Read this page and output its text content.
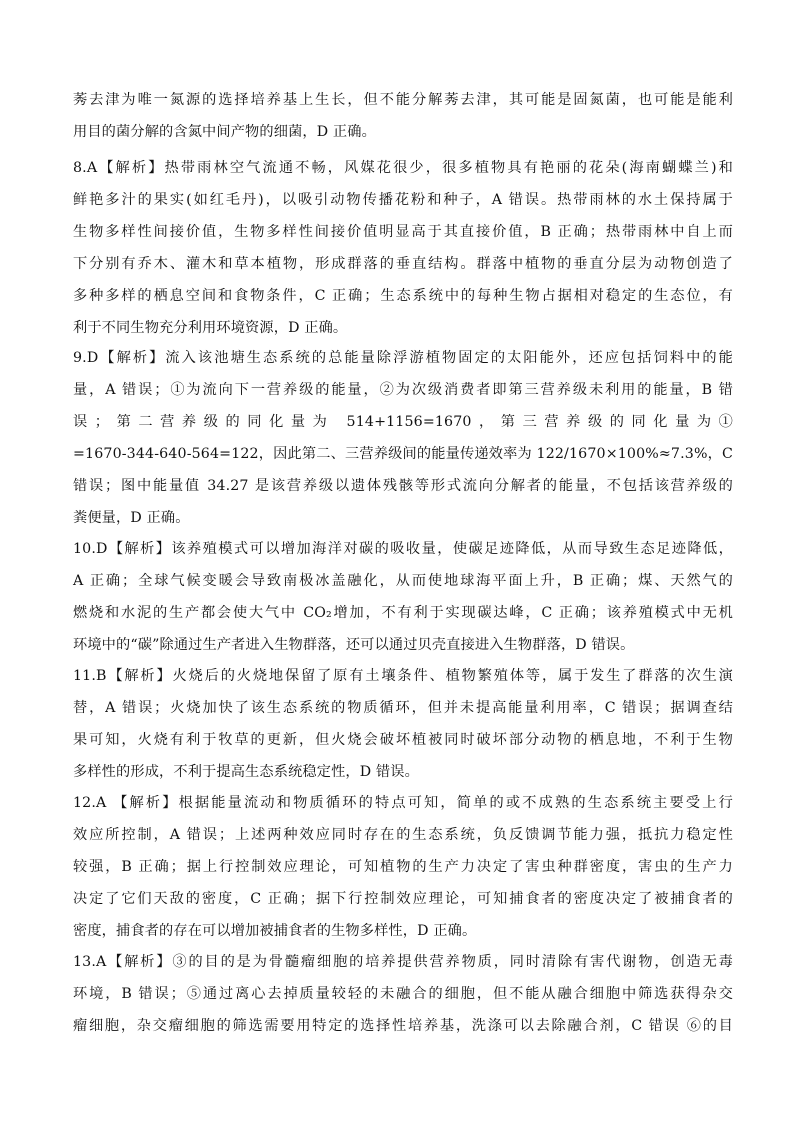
莠去津为唯一氮源的选择培养基上生长，但不能分解莠去津，其可能是固氮菌，也可能是能利
用目的菌分解的含氮中间产物的细菌，D 正确。
8.A【解析】热带雨林空气流通不畅，风媒花很少，很多植物具有艳丽的花朵(海南蝴蝶兰)和
鲜艳多汁的果实(如红毛丹)，以吸引动物传播花粉和种子，A 错误。热带雨林的水土保持属于
生物多样性间接价值，生物多样性间接价值明显高于其直接价值，B 正确；热带雨林中自上而
下分别有乔木、灌木和草本植物，形成群落的垂直结构。群落中植物的垂直分层为动物创造了
多种多样的栖息空间和食物条件，C 正确；生态系统中的每种生物占据相对稳定的生态位，有
利于不同生物充分利用环境资源，D 正确。
9.D【解析】流入该池塘生态系统的总能量除浮游植物固定的太阳能外，还应包括饲料中的能
量，A 错误；①为流向下一营养级的能量，②为次级消费者即第三营养级未利用的能量，B 错
误；第二营养级的同化量为 514+1156=1670，第三营养级的同化量为①
=1670-344-640-564=122，因此第二、三营养级间的能量传递效率为 122/1670×100%≈7.3%，C
错误；图中能量值 34.27 是该营养级以遗体残骸等形式流向分解者的能量，不包括该营养级的
粪便量，D 正确。
10.D【解析】该养殖模式可以增加海洋对碳的吸收量，使碳足迹降低，从而导致生态足迹降低，
A 正确；全球气候变暖会导致南极冰盖融化，从而使地球海平面上升，B 正确；煤、天然气的
燃烧和水泥的生产都会使大气中 CO₂增加，不有利于实现碳达峰，C 正确；该养殖模式中无机
环境中的“碳”除通过生产者进入生物群落，还可以通过贝壳直接进入生物群落，D 错误。
11.B【解析】火烧后的火烧地保留了原有土壤条件、植物繁殖体等，属于发生了群落的次生演
替，A 错误；火烧加快了该生态系统的物质循环，但并未提高能量利用率，C 错误；据调查结
果可知，火烧有利于牧草的更新，但火烧会破坏植被同时破坏部分动物的栖息地，不利于生物
多样性的形成，不利于提高生态系统稳定性，D 错误。
12.A 【解析】根据能量流动和物质循环的特点可知，简单的或不成熟的生态系统主要受上行
效应所控制，A 错误；上述两种效应同时存在的生态系统，负反馈调节能力强，抵抗力稳定性
较强，B 正确；据上行控制效应理论，可知植物的生产力决定了害虫种群密度，害虫的生产力
决定了它们天敌的密度，C 正确；据下行控制效应理论，可知捕食者的密度决定了被捕食者的
密度，捕食者的存在可以增加被捕食者的生物多样性，D 正确。
13.A【解析】③的目的是为骨髓瘤细胞的培养提供营养物质，同时清除有害代谢物，创造无毒
环境，B 错误；⑤通过离心去掉质量较轻的未融合的细胞，但不能从融合细胞中筛选获得杂交
瘤细胞，杂交瘤细胞的筛选需要用特定的选择性培养基，洗涤可以去除融合剂，C 错误 ⑥的目
